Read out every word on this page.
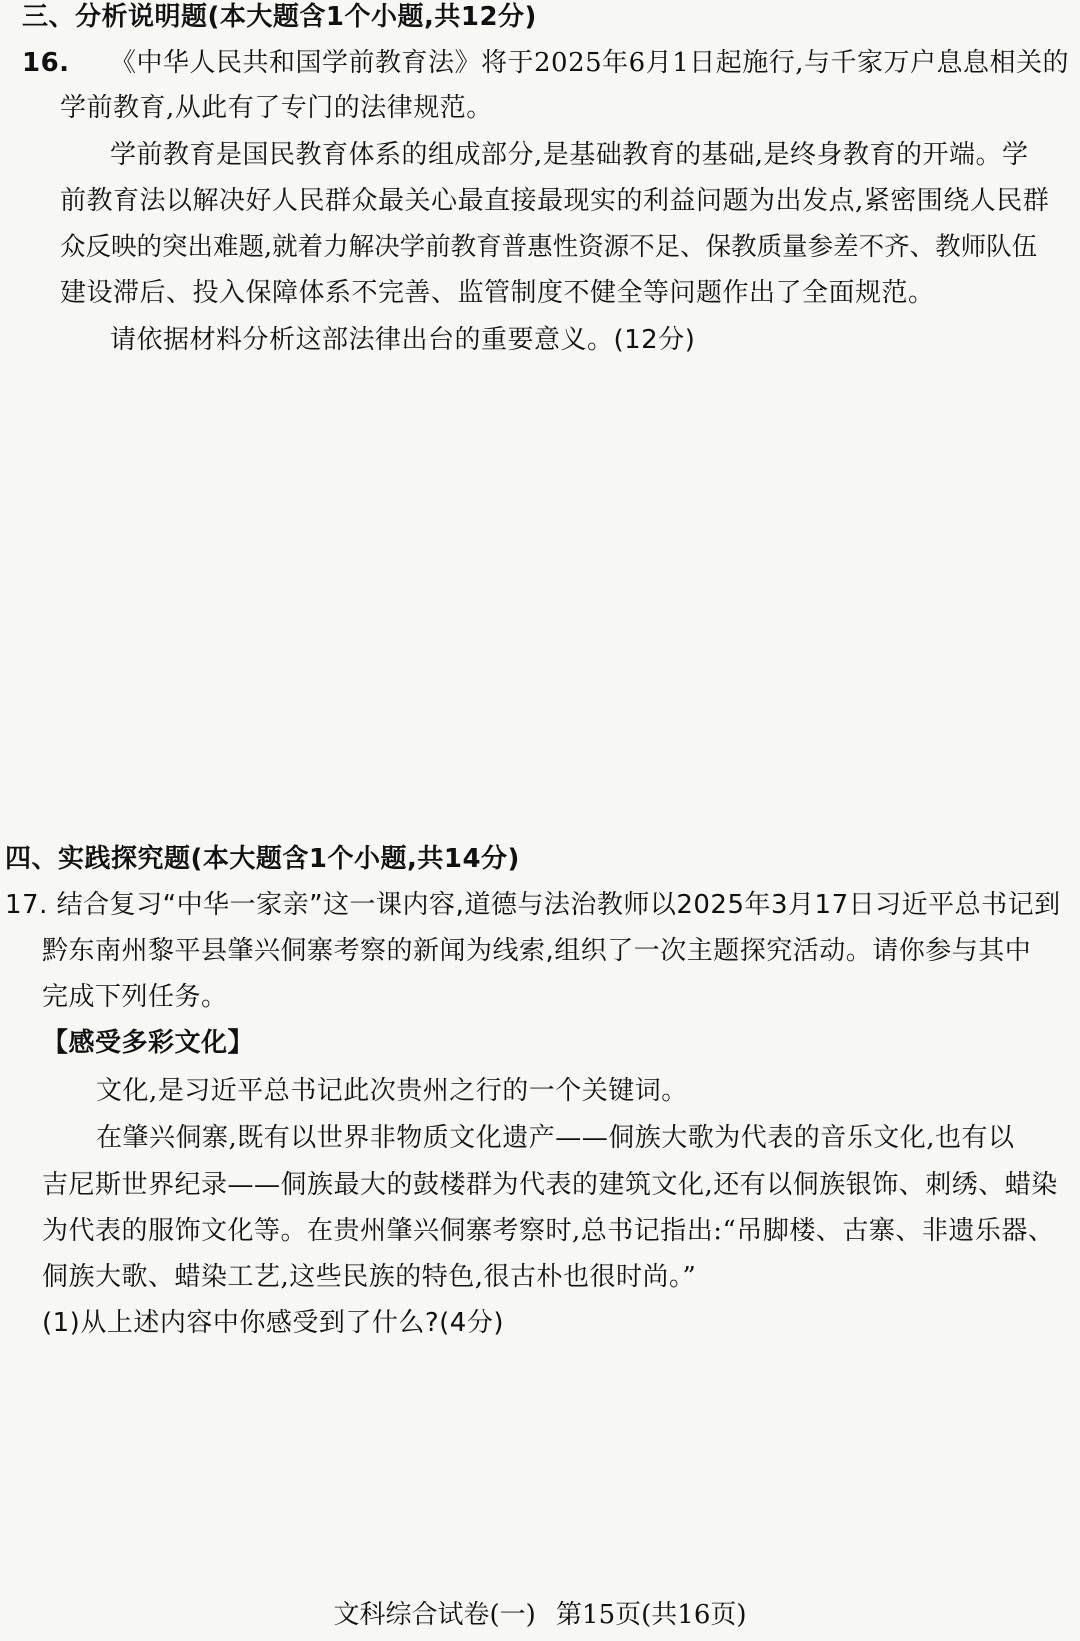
三、分析说明题(本大题含1个小题,共12分)
16. 《中华人民共和国学前教育法》将于2025年6月1日起施行,与千家万户息息相关的
学前教育,从此有了专门的法律规范。
学前教育是国民教育体系的组成部分,是基础教育的基础,是终身教育的开端。学
前教育法以解决好人民群众最关心最直接最现实的利益问题为出发点,紧密围绕人民群
众反映的突出难题,就着力解决学前教育普惠性资源不足、保教质量参差不齐、教师队伍
建设滞后、投入保障体系不完善、监管制度不健全等问题作出了全面规范。
请依据材料分析这部法律出台的重要意义。(12分)
四、实践探究题(本大题含1个小题,共14分)
17. 结合复习“中华一家亲”这一课内容,道德与法治教师以2025年3月17日习近平总书记到
黔东南州黎平县肇兴侗寨考察的新闻为线索,组织了一次主题探究活动。请你参与其中
完成下列任务。
【感受多彩文化】
文化,是习近平总书记此次贵州之行的一个关键词。
在肇兴侗寨,既有以世界非物质文化遗产——侗族大歌为代表的音乐文化,也有以
吉尼斯世界纪录——侗族最大的鼓楼群为代表的建筑文化,还有以侗族银饰、刺绣、蜡染
为代表的服饰文化等。在贵州肇兴侗寨考察时,总书记指出:“吊脚楼、古寨、非遗乐器、
侗族大歌、蜡染工艺,这些民族的特色,很古朴也很时尚。”
(1)从上述内容中你感受到了什么?(4分)
文科综合试卷(一) 第15页(共16页)
